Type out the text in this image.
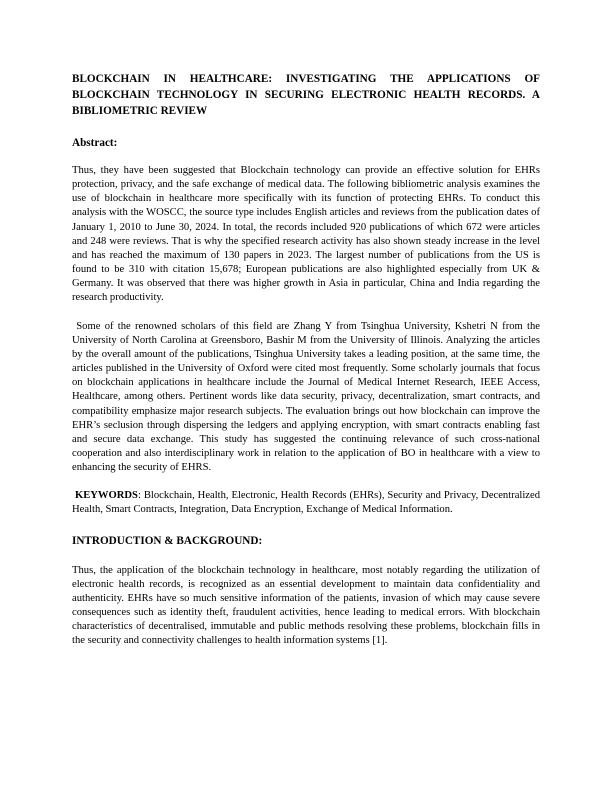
BLOCKCHAIN IN HEALTHCARE: INVESTIGATING THE APPLICATIONS OF BLOCKCHAIN TECHNOLOGY IN SECURING ELECTRONIC HEALTH RECORDS. A BIBLIOMETRIC REVIEW

Abstract:

Thus, they have been suggested that Blockchain technology can provide an effective solution for EHRs protection, privacy, and the safe exchange of medical data. The following bibliometric analysis examines the use of blockchain in healthcare more specifically with its function of protecting EHRs. To conduct this analysis with the WOSCC, the source type includes English articles and reviews from the publication dates of January 1, 2010 to June 30, 2024. In total, the records included 920 publications of which 672 were articles and 248 were reviews. That is why the specified research activity has also shown steady increase in the level and has reached the maximum of 130 papers in 2023. The largest number of publications from the US is found to be 310 with citation 15,678; European publications are also highlighted especially from UK & Germany. It was observed that there was higher growth in Asia in particular, China and India regarding the research productivity.

Some of the renowned scholars of this field are Zhang Y from Tsinghua University, Kshetri N from the University of North Carolina at Greensboro, Bashir M from the University of Illinois. Analyzing the articles by the overall amount of the publications, Tsinghua University takes a leading position, at the same time, the articles published in the University of Oxford were cited most frequently. Some scholarly journals that focus on blockchain applications in healthcare include the Journal of Medical Internet Research, IEEE Access, Healthcare, among others. Pertinent words like data security, privacy, decentralization, smart contracts, and compatibility emphasize major research subjects. The evaluation brings out how blockchain can improve the EHR’s seclusion through dispersing the ledgers and applying encryption, with smart contracts enabling fast and secure data exchange. This study has suggested the continuing relevance of such cross-national cooperation and also interdisciplinary work in relation to the application of BO in healthcare with a view to enhancing the security of EHRS.

KEYWORDS: Blockchain, Health, Electronic, Health Records (EHRs), Security and Privacy, Decentralized Health, Smart Contracts, Integration, Data Encryption, Exchange of Medical Information.

INTRODUCTION & BACKGROUND:

Thus, the application of the blockchain technology in healthcare, most notably regarding the utilization of electronic health records, is recognized as an essential development to maintain data confidentiality and authenticity. EHRs have so much sensitive information of the patients, invasion of which may cause severe consequences such as identity theft, fraudulent activities, hence leading to medical errors. With blockchain characteristics of decentralised, immutable and public methods resolving these problems, blockchain fills in the security and connectivity challenges to health information systems [1].
